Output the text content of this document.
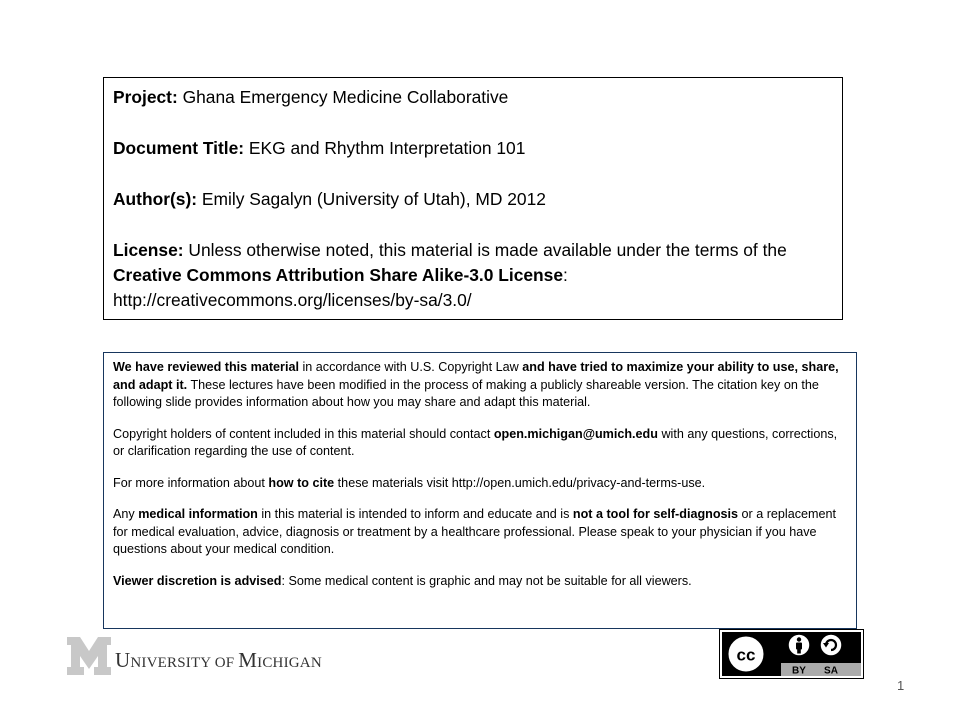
Project: Ghana Emergency Medicine Collaborative

Document Title: EKG and Rhythm Interpretation 101

Author(s): Emily Sagalyn (University of Utah), MD 2012

License: Unless otherwise noted, this material is made available under the terms of the Creative Commons Attribution Share Alike-3.0 License: http://creativecommons.org/licenses/by-sa/3.0/

We have reviewed this material in accordance with U.S. Copyright Law and have tried to maximize your ability to use, share, and adapt it. These lectures have been modified in the process of making a publicly shareable version. The citation key on the following slide provides information about how you may share and adapt this material.

Copyright holders of content included in this material should contact open.michigan@umich.edu with any questions, corrections, or clarification regarding the use of content.

For more information about how to cite these materials visit http://open.umich.edu/privacy-and-terms-use.

Any medical information in this material is intended to inform and educate and is not a tool for self-diagnosis or a replacement for medical evaluation, advice, diagnosis or treatment by a healthcare professional. Please speak to your physician if you have questions about your medical condition.

Viewer discretion is advised: Some medical content is graphic and may not be suitable for all viewers.

UNIVERSITY OF MICHIGAN	cc
BY SA
1
